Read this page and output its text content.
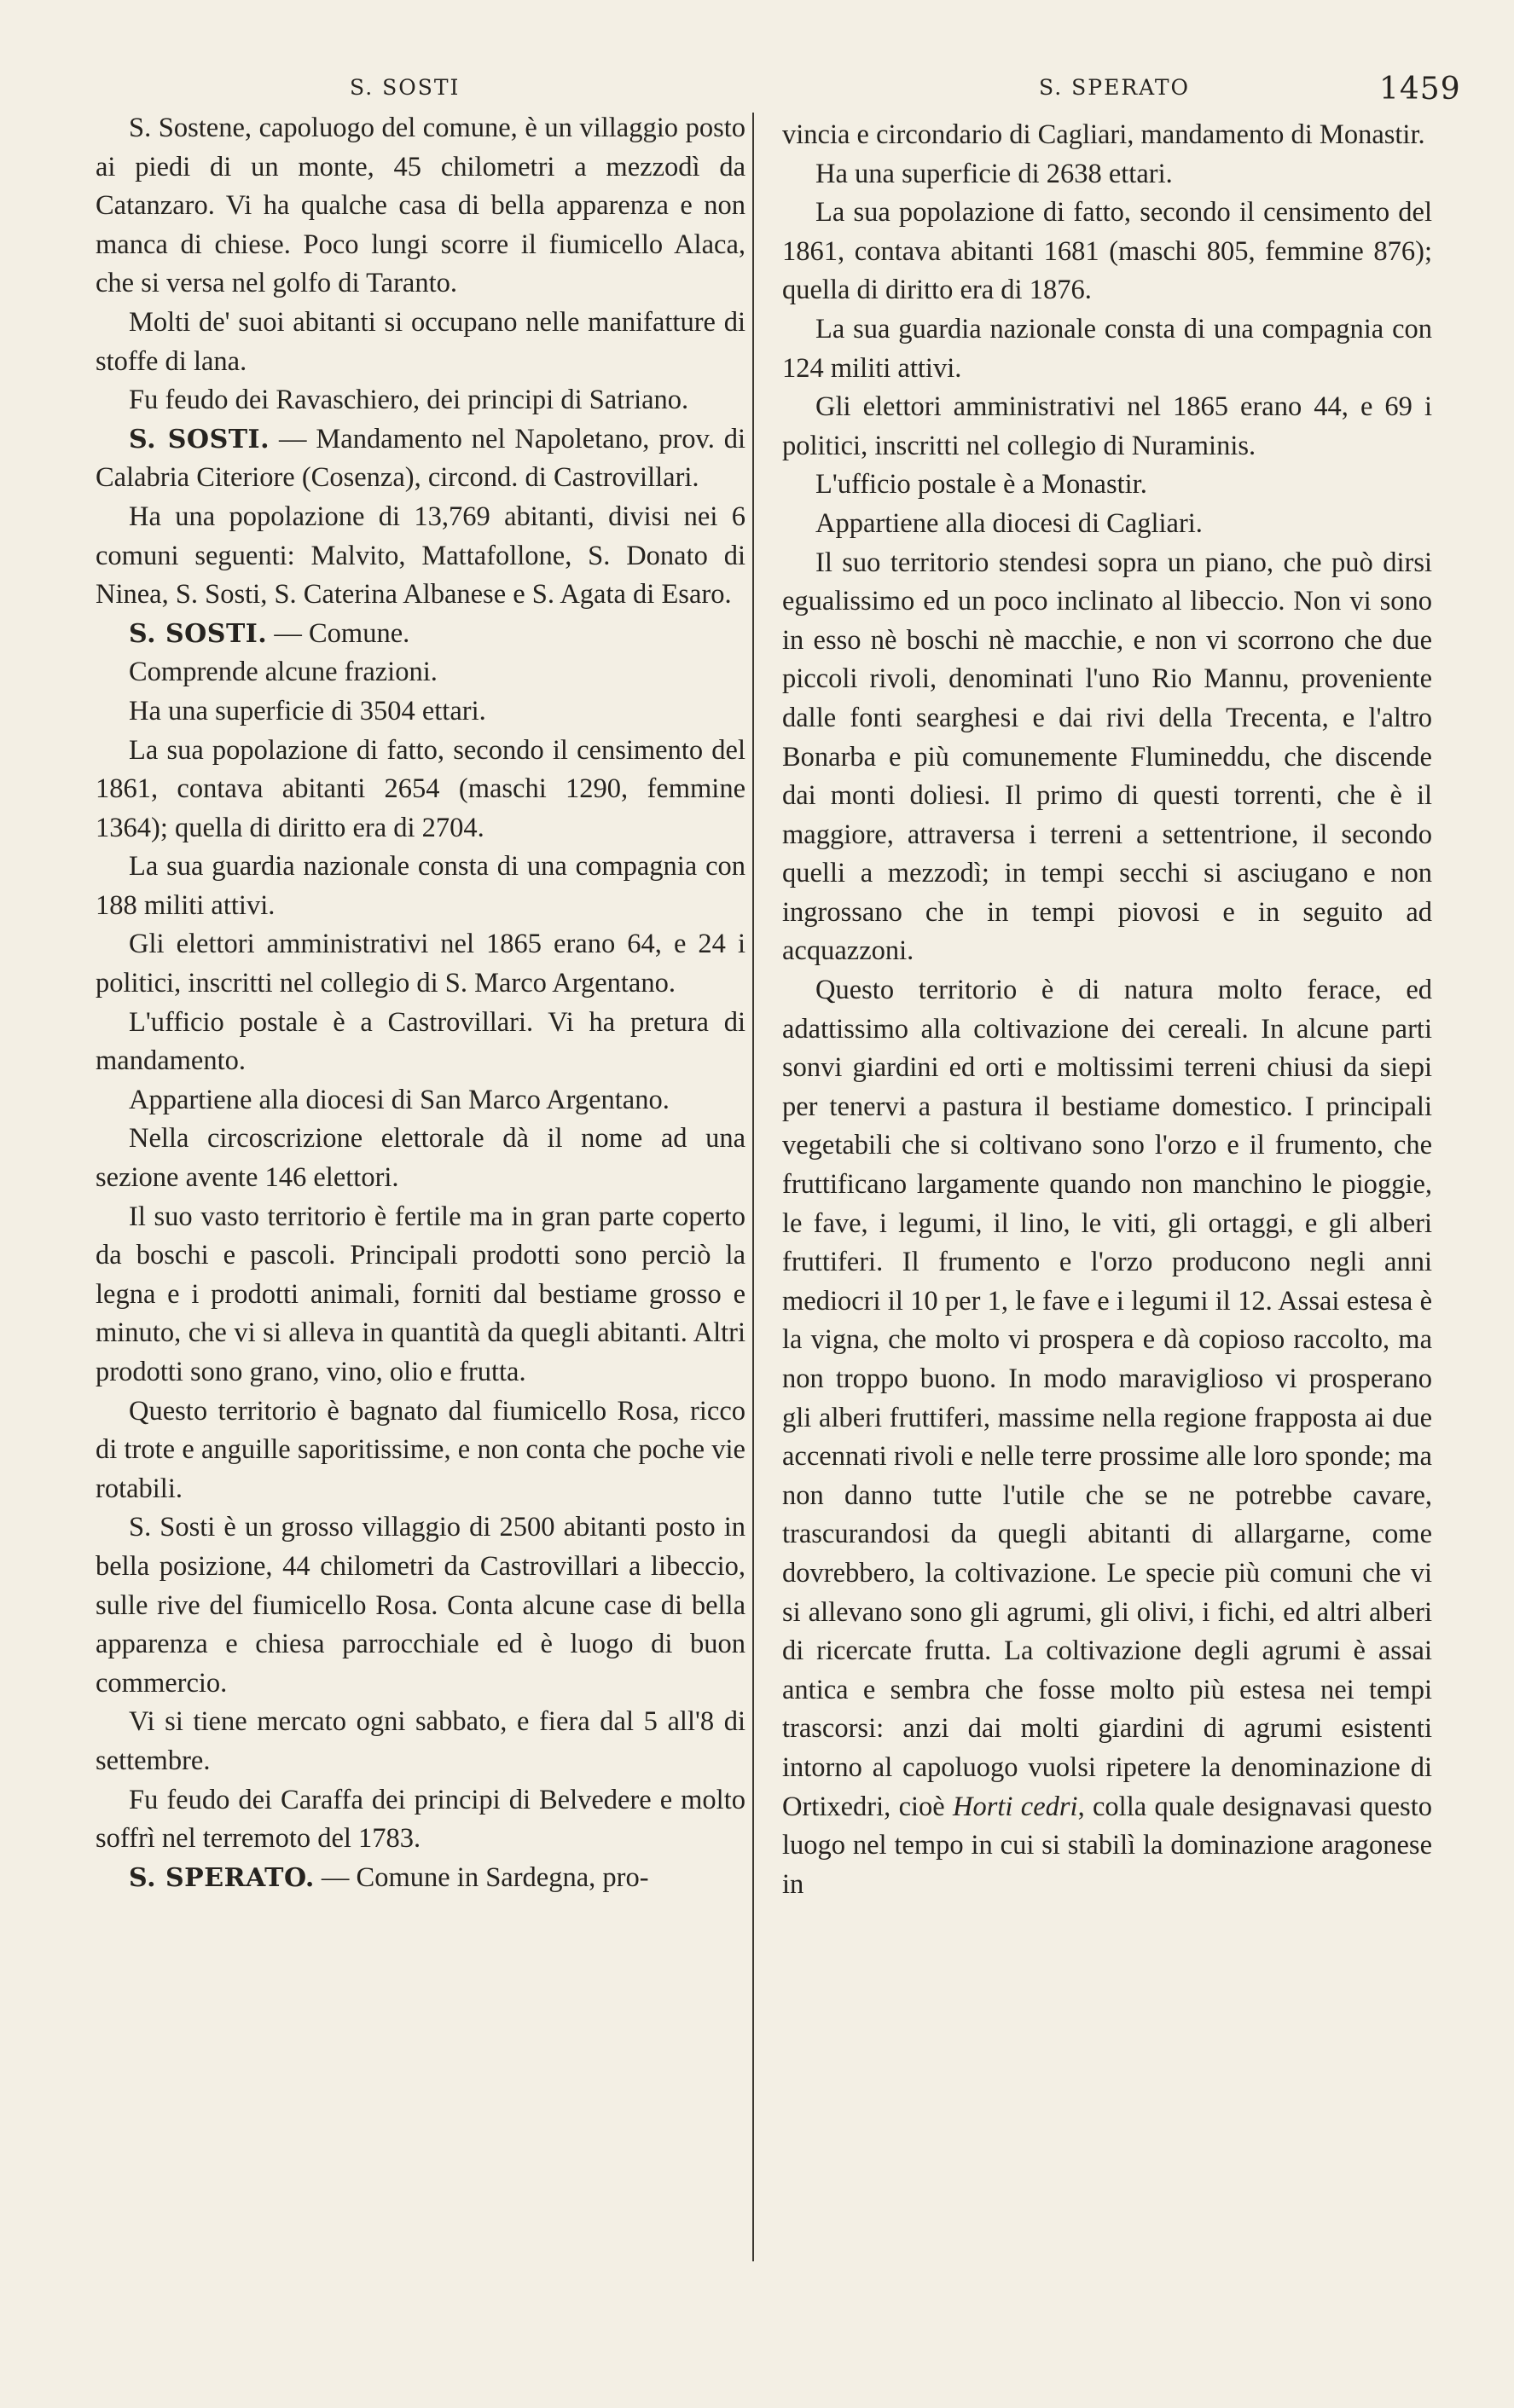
S. SOSTI	S. SPERATO	1459

S. Sostene, capoluogo del comune, è un villaggio posto ai piedi di un monte, 45 chilometri a mezzodì da Catanzaro. Vi ha qualche casa di bella apparenza e non manca di chiese. Poco lungi scorre il fiumicello Alaca, che si versa nel golfo di Taranto.

Molti de' suoi abitanti si occupano nelle manifatture di stoffe di lana.

Fu feudo dei Ravaschiero, dei principi di Satriano.

S. SOSTI. — Mandamento nel Napoletano, prov. di Calabria Citeriore (Cosenza), circond. di Castrovillari.

Ha una popolazione di 13,769 abitanti, divisi nei 6 comuni seguenti: Malvito, Mattafollone, S. Donato di Ninea, S. Sosti, S. Caterina Albanese e S. Agata di Esaro.

S. SOSTI. — Comune.

Comprende alcune frazioni.

Ha una superficie di 3504 ettari.

La sua popolazione di fatto, secondo il censimento del 1861, contava abitanti 2654 (maschi 1290, femmine 1364); quella di diritto era di 2704.

La sua guardia nazionale consta di una compagnia con 188 militi attivi.

Gli elettori amministrativi nel 1865 erano 64, e 24 i politici, inscritti nel collegio di S. Marco Argentano.

L'ufficio postale è a Castrovillari. Vi ha pretura di mandamento.

Appartiene alla diocesi di San Marco Argentano.

Nella circoscrizione elettorale dà il nome ad una sezione avente 146 elettori.

Il suo vasto territorio è fertile ma in gran parte coperto da boschi e pascoli. Principali prodotti sono perciò la legna e i prodotti animali, forniti dal bestiame grosso e minuto, che vi si alleva in quantità da quegli abitanti. Altri prodotti sono grano, vino, olio e frutta.

Questo territorio è bagnato dal fiumicello Rosa, ricco di trote e anguille saporitissime, e non conta che poche vie rotabili.

S. Sosti è un grosso villaggio di 2500 abitanti posto in bella posizione, 44 chilometri da Castrovillari a libeccio, sulle rive del fiumicello Rosa. Conta alcune case di bella apparenza e chiesa parrocchiale ed è luogo di buon commercio.

Vi si tiene mercato ogni sabbato, e fiera dal 5 all'8 di settembre.

Fu feudo dei Caraffa dei principi di Belvedere e molto soffrì nel terremoto del 1783.

S. SPERATO. — Comune in Sardegna, pro-

vincia e circondario di Cagliari, mandamento di Monastir.

Ha una superficie di 2638 ettari.

La sua popolazione di fatto, secondo il censimento del 1861, contava abitanti 1681 (maschi 805, femmine 876); quella di diritto era di 1876.

La sua guardia nazionale consta di una compagnia con 124 militi attivi.

Gli elettori amministrativi nel 1865 erano 44, e 69 i politici, inscritti nel collegio di Nuraminis.

L'ufficio postale è a Monastir.

Appartiene alla diocesi di Cagliari.

Il suo territorio stendesi sopra un piano, che può dirsi egualissimo ed un poco inclinato al libeccio. Non vi sono in esso nè boschi nè macchie, e non vi scorrono che due piccoli rivoli, denominati l'uno Rio Mannu, proveniente dalle fonti searghesi e dai rivi della Trecenta, e l'altro Bonarba e più comunemente Flumineddu, che discende dai monti doliesi. Il primo di questi torrenti, che è il maggiore, attraversa i terreni a settentrione, il secondo quelli a mezzodì; in tempi secchi si asciugano e non ingrossano che in tempi piovosi e in seguito ad acquazzoni.

Questo territorio è di natura molto ferace, ed adattissimo alla coltivazione dei cereali. In alcune parti sonvi giardini ed orti e moltissimi terreni chiusi da siepi per tenervi a pastura il bestiame domestico. I principali vegetabili che si coltivano sono l'orzo e il frumento, che fruttificano largamente quando non manchino le pioggie, le fave, i legumi, il lino, le viti, gli ortaggi, e gli alberi fruttiferi. Il frumento e l'orzo producono negli anni mediocri il 10 per 1, le fave e i legumi il 12. Assai estesa è la vigna, che molto vi prospera e dà copioso raccolto, ma non troppo buono. In modo maraviglioso vi prosperano gli alberi fruttiferi, massime nella regione frapposta ai due accennati rivoli e nelle terre prossime alle loro sponde; ma non danno tutte l'utile che se ne potrebbe cavare, trascurandosi da quegli abitanti di allargarne, come dovrebbero, la coltivazione. Le specie più comuni che vi si allevano sono gli agrumi, gli olivi, i fichi, ed altri alberi di ricercate frutta. La coltivazione degli agrumi è assai antica e sembra che fosse molto più estesa nei tempi trascorsi: anzi dai molti giardini di agrumi esistenti intorno al capoluogo vuolsi ripetere la denominazione di Ortixedri, cioè Horti cedri, colla quale designavasi questo luogo nel tempo in cui si stabilì la dominazione aragonese in
